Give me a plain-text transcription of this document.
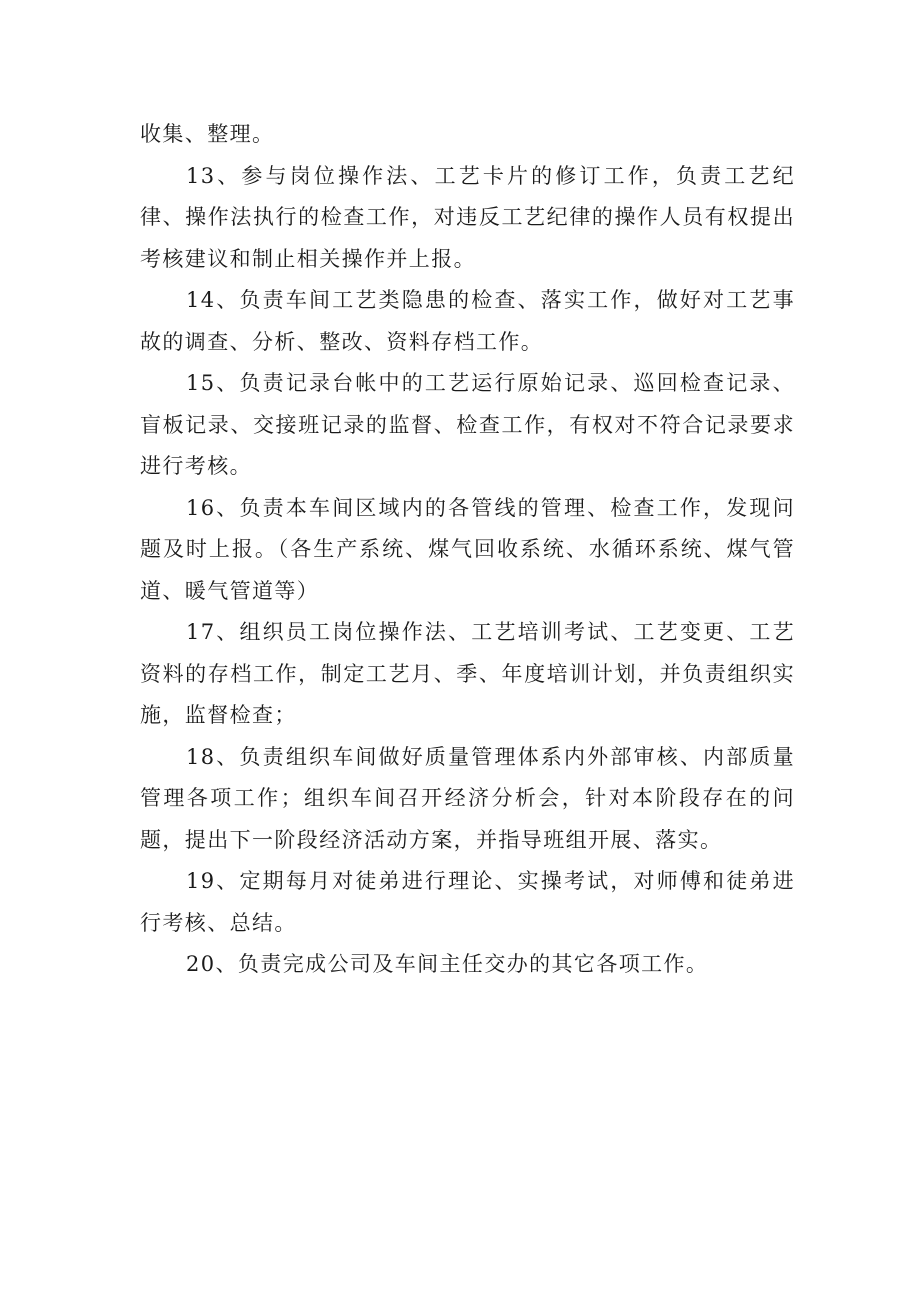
收集、整理。

13、参与岗位操作法、工艺卡片的修订工作，负责工艺纪律、操作法执行的检查工作，对违反工艺纪律的操作人员有权提出考核建议和制止相关操作并上报。

14、负责车间工艺类隐患的检查、落实工作，做好对工艺事故的调查、分析、整改、资料存档工作。

15、负责记录台帐中的工艺运行原始记录、巡回检查记录、盲板记录、交接班记录的监督、检查工作，有权对不符合记录要求进行考核。

16、负责本车间区域内的各管线的管理、检查工作，发现问题及时上报。（各生产系统、煤气回收系统、水循环系统、煤气管道、暖气管道等）

17、组织员工岗位操作法、工艺培训考试、工艺变更、工艺资料的存档工作，制定工艺月、季、年度培训计划，并负责组织实施，监督检查；

18、负责组织车间做好质量管理体系内外部审核、内部质量管理各项工作；组织车间召开经济分析会，针对本阶段存在的问题，提出下一阶段经济活动方案，并指导班组开展、落实。

19、定期每月对徒弟进行理论、实操考试，对师傅和徒弟进行考核、总结。

20、负责完成公司及车间主任交办的其它各项工作。
